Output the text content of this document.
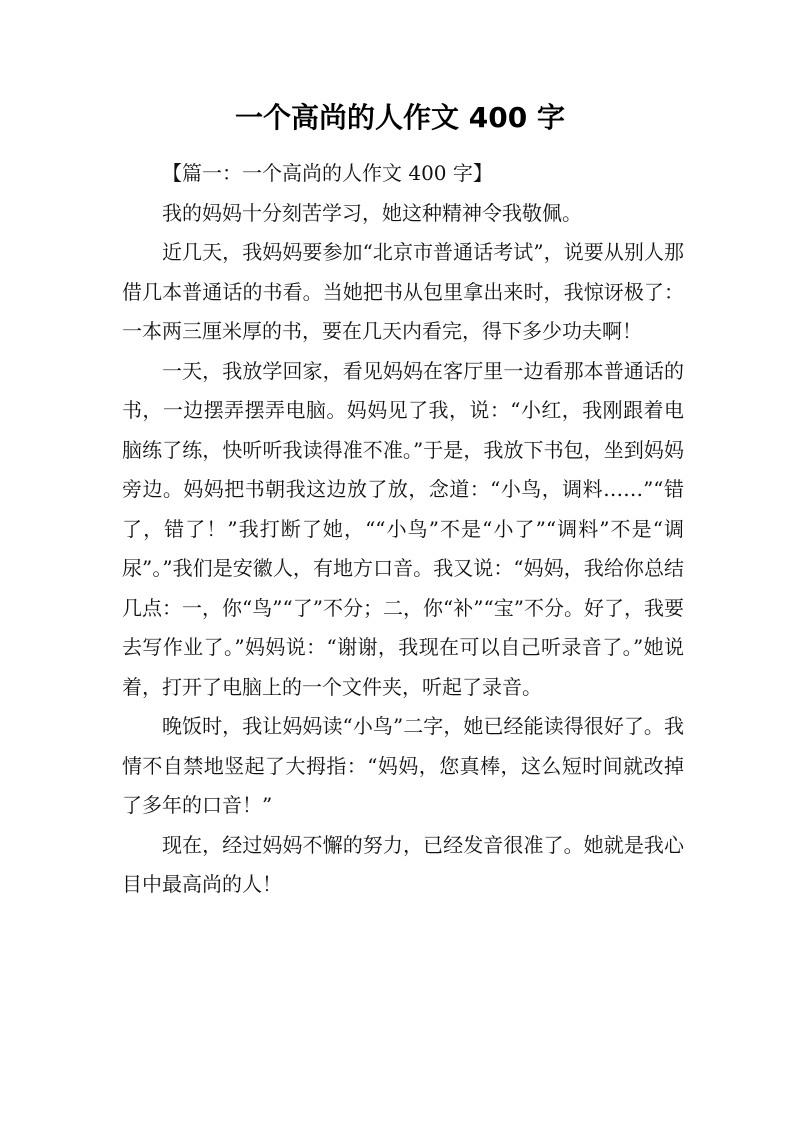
一个高尚的人作文 400 字

【篇一：一个高尚的人作文 400 字】

我的妈妈十分刻苦学习，她这种精神令我敬佩。

近几天，我妈妈要参加“北京市普通话考试”，说要从别人那借几本普通话的书看。当她把书从包里拿出来时，我惊讶极了：一本两三厘米厚的书，要在几天内看完，得下多少功夫啊！

一天，我放学回家，看见妈妈在客厅里一边看那本普通话的书，一边摆弄摆弄电脑。妈妈见了我，说：“小红，我刚跟着电脑练了练，快听听我读得准不准。”于是，我放下书包，坐到妈妈旁边。妈妈把书朝我这边放了放，念道：“小鸟，调料……”“错了，错了！”我打断了她，““小鸟”不是“小了”“调料”不是“调尿”。”我们是安徽人，有地方口音。我又说：“妈妈，我给你总结几点：一，你“鸟”“了”不分；二，你“补”“宝”不分。好了，我要去写作业了。”妈妈说：“谢谢，我现在可以自己听录音了。”她说着，打开了电脑上的一个文件夹，听起了录音。

晚饭时，我让妈妈读“小鸟”二字，她已经能读得很好了。我情不自禁地竖起了大拇指：“妈妈，您真棒，这么短时间就改掉了多年的口音！”

现在，经过妈妈不懈的努力，已经发音很准了。她就是我心目中最高尚的人！
